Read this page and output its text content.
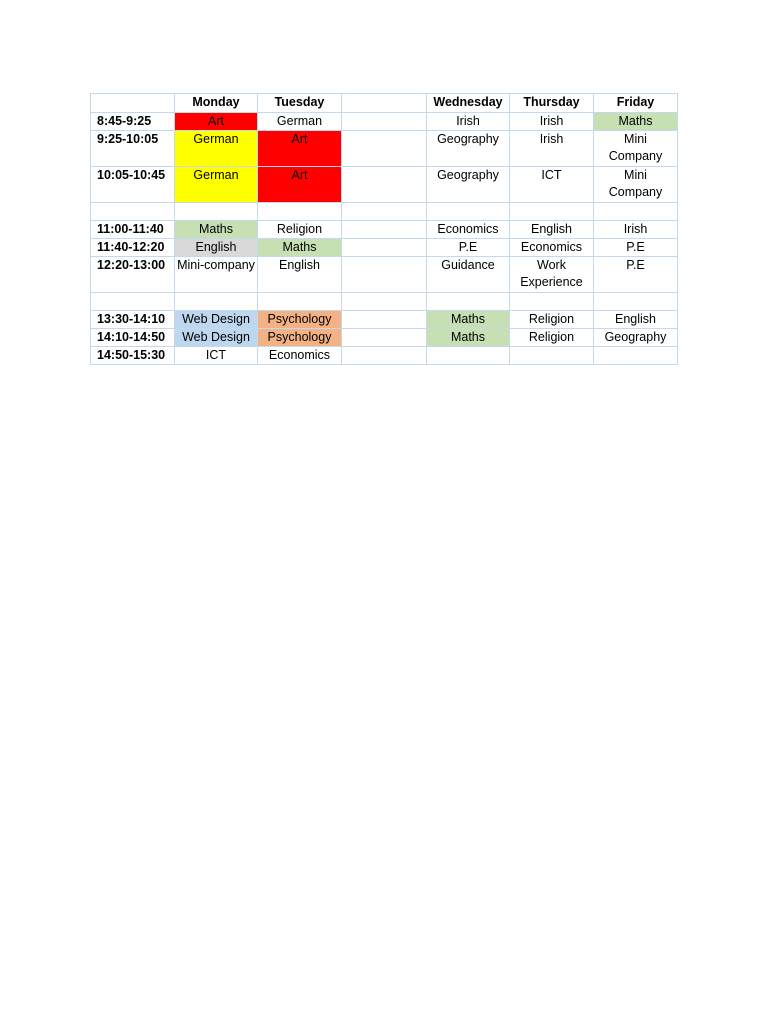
	Monday	Tuesday		Wednesday	Thursday	Friday
8:45-9:25	Art	German		Irish	Irish	Maths
9:25-10:05	German	Art		Geography	Irish	Mini Company
10:05-10:45	German	Art		Geography	ICT	Mini Company

11:00-11:40	Maths	Religion		Economics	English	Irish
11:40-12:20	English	Maths		P.E	Economics	P.E
12:20-13:00	Mini-company	English		Guidance	Work Experience	P.E

13:30-14:10	Web Design	Psychology		Maths	Religion	English
14:10-14:50	Web Design	Psychology		Maths	Religion	Geography
14:50-15:30	ICT	Economics				
